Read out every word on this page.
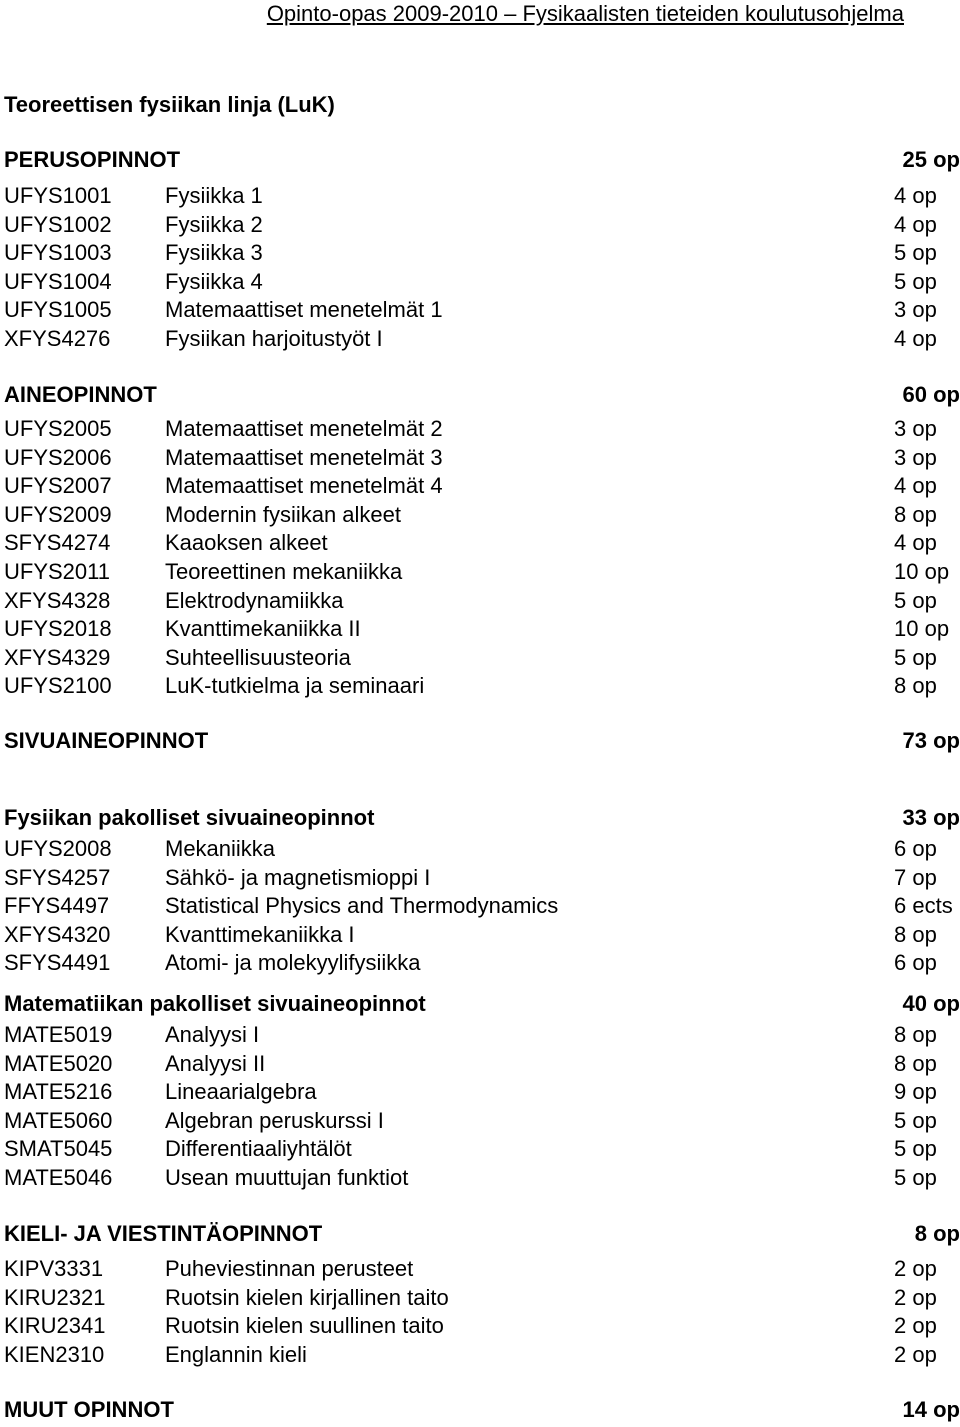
Opinto-opas 2009-2010 – Fysikaalisten tieteiden koulutusohjelma
Teoreettisen fysiikan linja (LuK)
PERUSOPINNOT	25 op
UFYS1001 Fysiikka 1	4 op
UFYS1002 Fysiikka 2	4 op
UFYS1003 Fysiikka 3	5 op
UFYS1004 Fysiikka 4	5 op
UFYS1005 Matemaattiset menetelmät 1	3 op
XFYS4276 Fysiikan harjoitustyöt I	4 op
AINEOPINNOT	60 op
UFYS2005 Matemaattiset menetelmät 2	3 op
UFYS2006 Matemaattiset menetelmät 3	3 op
UFYS2007 Matemaattiset menetelmät 4	4 op
UFYS2009 Modernin fysiikan alkeet	8 op
SFYS4274 Kaaoksen alkeet	4 op
UFYS2011	Teoreettinen mekaniikka	10 op
XFYS4328 Elektrodynamiikka	5 op
UFYS2018 Kvanttimekaniikka II	10 op
XFYS4329 Suhteellisuusteoria	5 op
UFYS2100 LuK-tutkielma ja seminaari	8 op
SIVUAINEOPINNOT	73 op
Fysiikan pakolliset sivuaineopinnot	33 op
UFYS2008 Mekaniikka	6 op
SFYS4257 Sähkö- ja magnetismioppi I	7 op
FFYS4497	Statistical Physics and Thermodynamics	6 ects
XFYS4320 Kvanttimekaniikka I	8 op
SFYS4491 Atomi- ja molekyylifysiikka	6 op
Matematiikan pakolliset sivuaineopinnot	40 op
MATE5019 Analyysi I	8 op
MATE5020 Analyysi II	8 op
MATE5216 Lineaarialgebra	9 op
MATE5060 Algebran peruskurssi I	5 op
SMAT5045 Differentiaaliyhtälöt	5 op
MATE5046 Usean muuttujan funktiot	5 op
KIELI- JA VIESTINTÄOPINNOT	8 op
KIPV3331	Puheviestinnan perusteet	2 op
KIRU2321	Ruotsin kielen kirjallinen taito	2 op
KIRU2341	Ruotsin kielen suullinen taito	2 op
KIEN2310	Englannin kieli	2 op
MUUT OPINNOT	14 op
